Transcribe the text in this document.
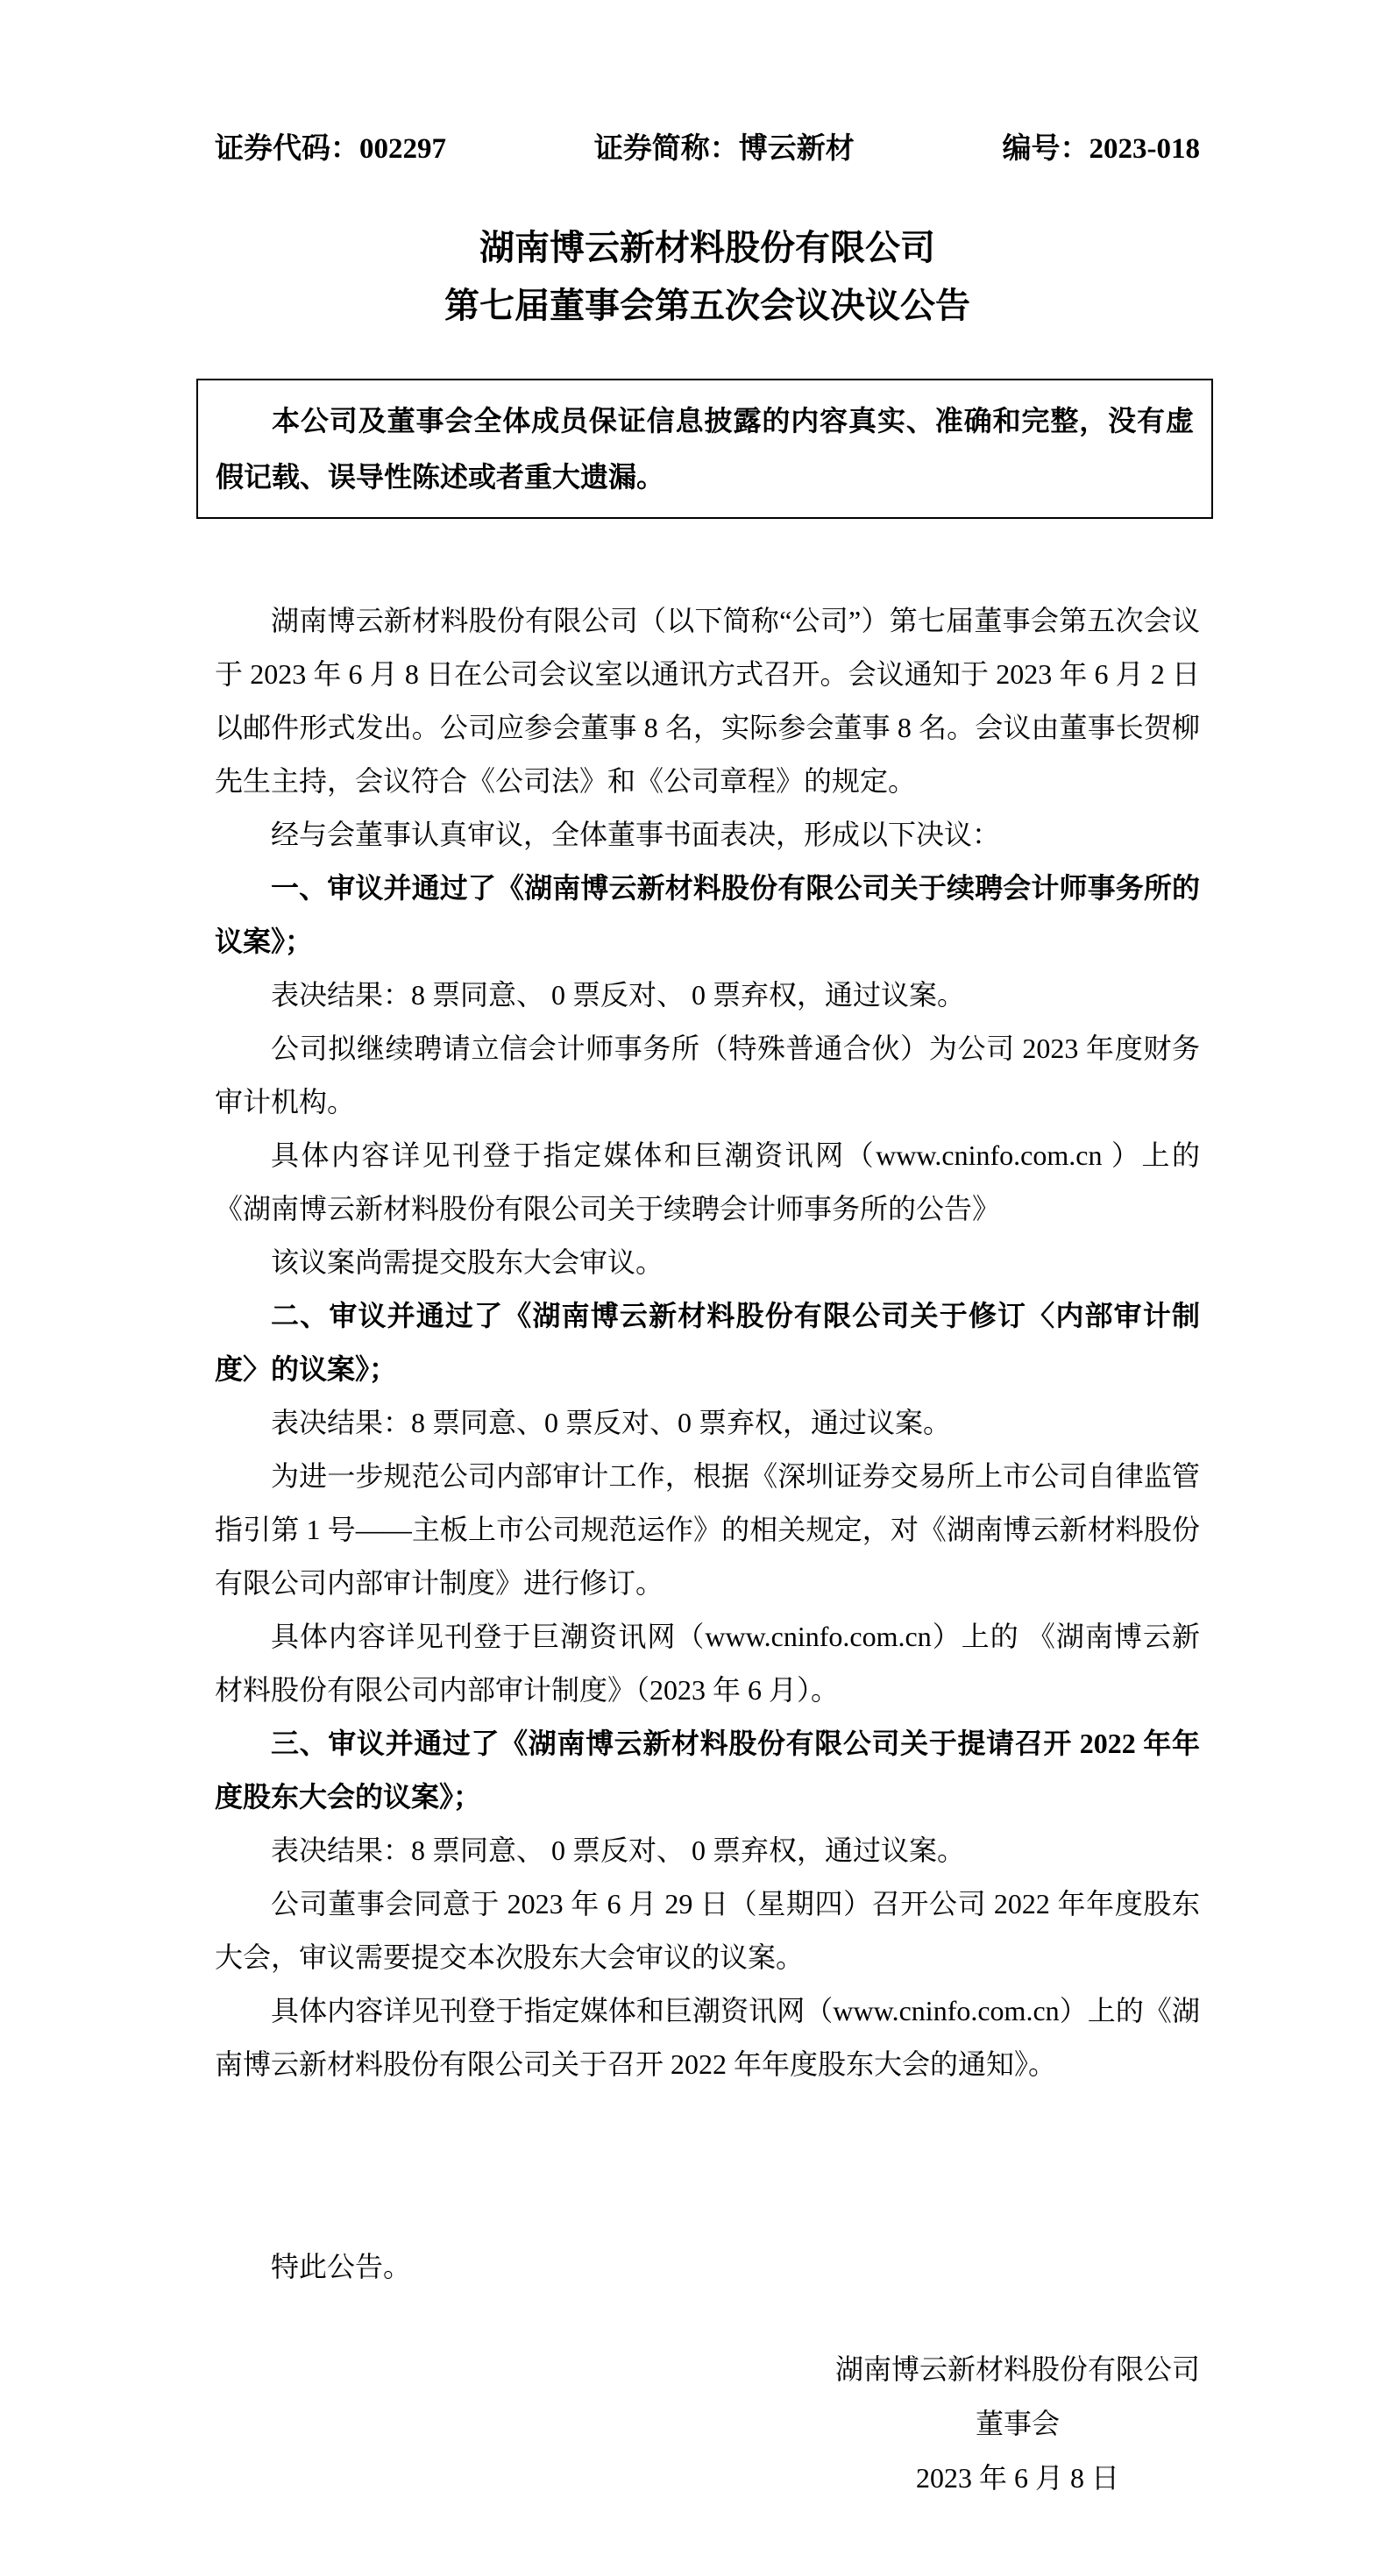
证券代码：002297	证券简称：博云新材	编号：2023-018
湖南博云新材料股份有限公司
第七届董事会第五次会议决议公告

本公司及董事会全体成员保证信息披露的内容真实、准确和完整，没有虚假记载、误导性陈述或者重大遗漏。

湖南博云新材料股份有限公司（以下简称“公司”）第七届董事会第五次会议于 2023 年 6 月 8 日在公司会议室以通讯方式召开。会议通知于 2023 年 6 月 2 日以邮件形式发出。公司应参会董事 8 名，实际参会董事 8 名。会议由董事长贺柳先生主持，会议符合《公司法》和《公司章程》的规定。

经与会董事认真审议，全体董事书面表决，形成以下决议：

一、审议并通过了《湖南博云新材料股份有限公司关于续聘会计师事务所的议案》；

表决结果：8 票同意、 0 票反对、 0 票弃权，通过议案。

公司拟继续聘请立信会计师事务所（特殊普通合伙）为公司 2023 年度财务审计机构。

具体内容详见刊登于指定媒体和巨潮资讯网（www.cninfo.com.cn ）上的《湖南博云新材料股份有限公司关于续聘会计师事务所的公告》

该议案尚需提交股东大会审议。

二、审议并通过了《湖南博云新材料股份有限公司关于修订〈内部审计制度〉的议案》；

表决结果：8 票同意、0 票反对、0 票弃权，通过议案。

为进一步规范公司内部审计工作，根据《深圳证券交易所上市公司自律监管指引第 1 号——主板上市公司规范运作》的相关规定，对《湖南博云新材料股份有限公司内部审计制度》进行修订。

具体内容详见刊登于巨潮资讯网（www.cninfo.com.cn）上的 《湖南博云新材料股份有限公司内部审计制度》（2023 年 6 月）。

三、审议并通过了《湖南博云新材料股份有限公司关于提请召开 2022 年年度股东大会的议案》；

表决结果：8 票同意、 0 票反对、 0 票弃权，通过议案。

公司董事会同意于 2023 年 6 月 29 日（星期四）召开公司 2022 年年度股东大会，审议需要提交本次股东大会审议的议案。

具体内容详见刊登于指定媒体和巨潮资讯网（www.cninfo.com.cn）上的《湖南博云新材料股份有限公司关于召开 2022 年年度股东大会的通知》。

特此公告。
湖南博云新材料股份有限公司
董事会
2023 年 6 月 8 日
